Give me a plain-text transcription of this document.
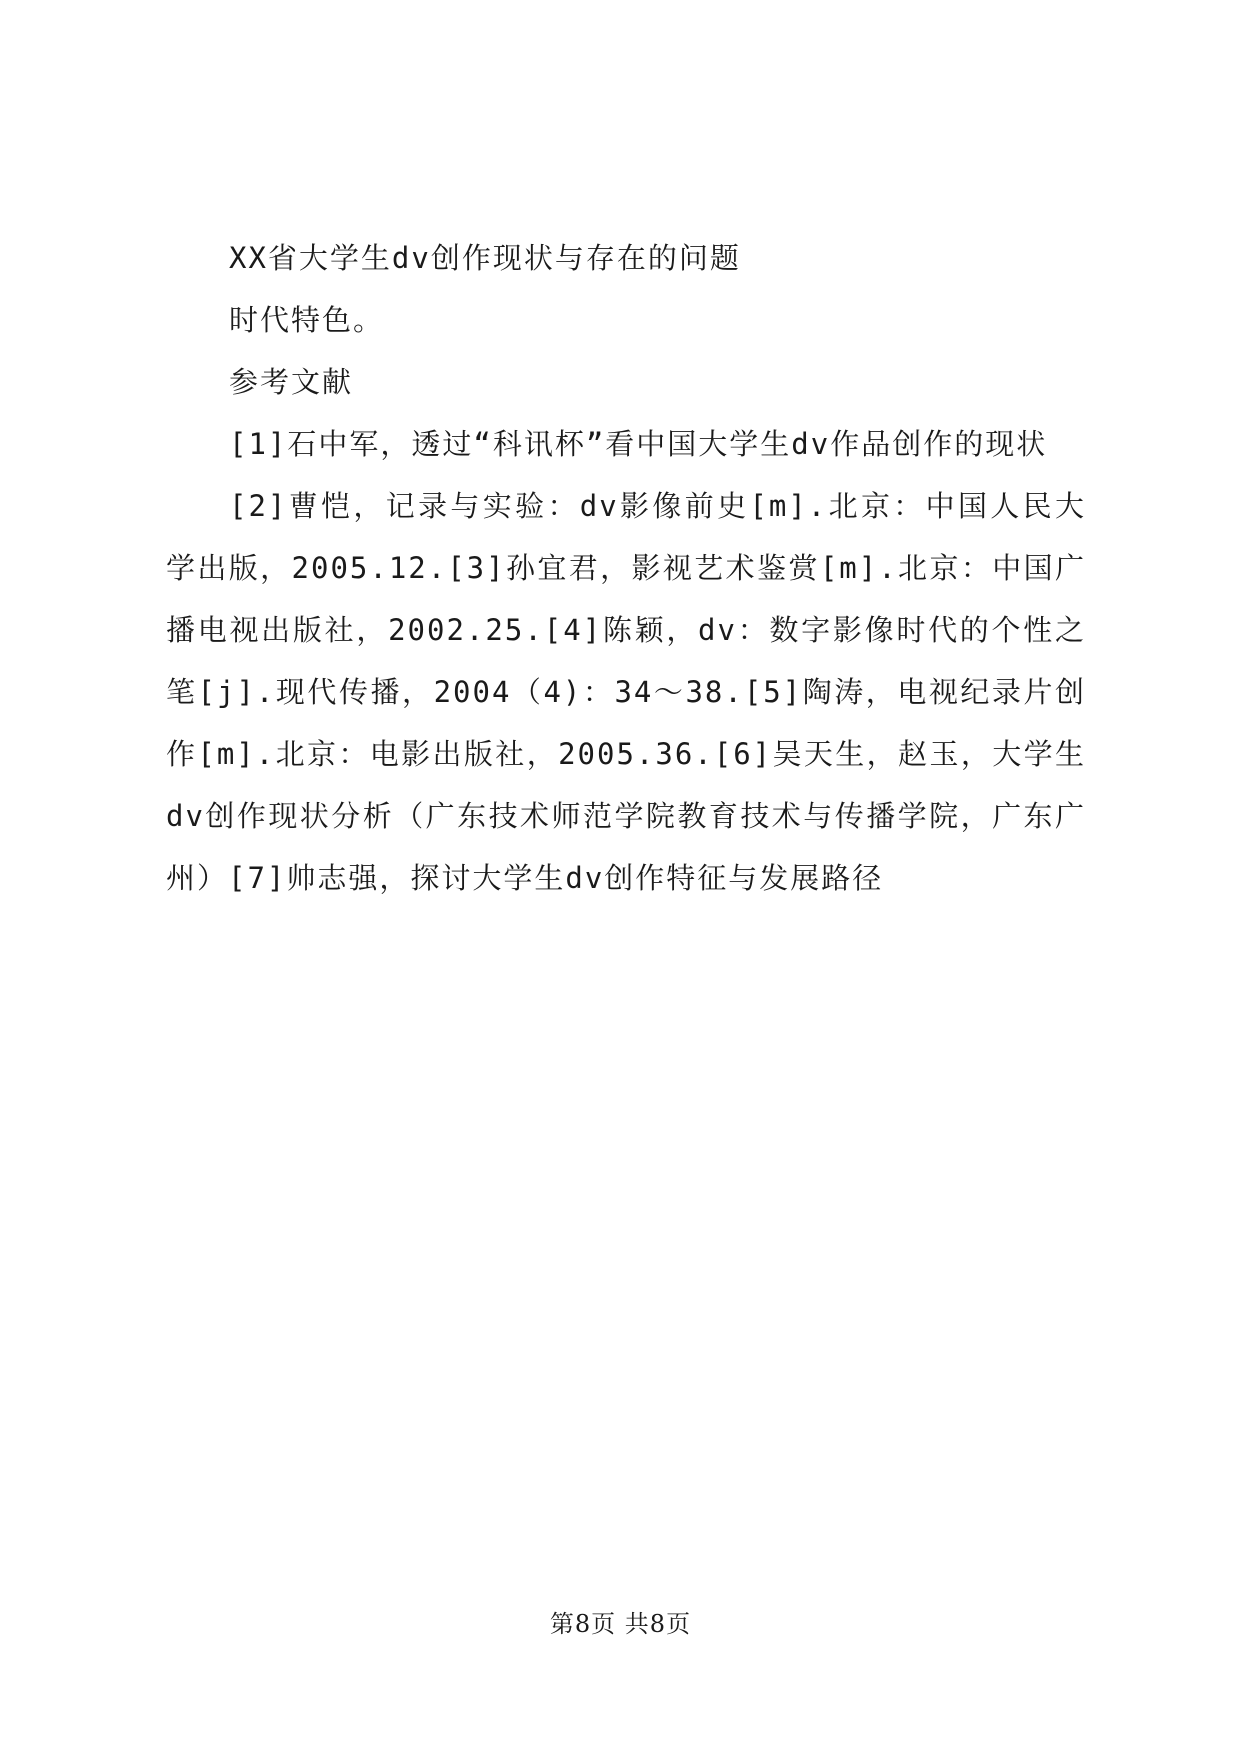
XX省大学生dv创作现状与存在的问题

时代特色。

参考文献

[1]石中军，透过“科讯杯”看中国大学生dv作品创作的现状

[2]曹恺，记录与实验：dv影像前史[m].北京：中国人民大学出版，2005.12.[3]孙宜君，影视艺术鉴赏[m].北京：中国广播电视出版社，2002.25.[4]陈颖，dv：数字影像时代的个性之笔[j].现代传播，2004（4)：34～38.[5]陶涛，电视纪录片创作[m].北京：电影出版社，2005.36.[6]吴天生，赵玉，大学生dv创作现状分析（广东技术师范学院教育技术与传播学院，广东广州）[7]帅志强，探讨大学生dv创作特征与发展路径

第8页 共8页
